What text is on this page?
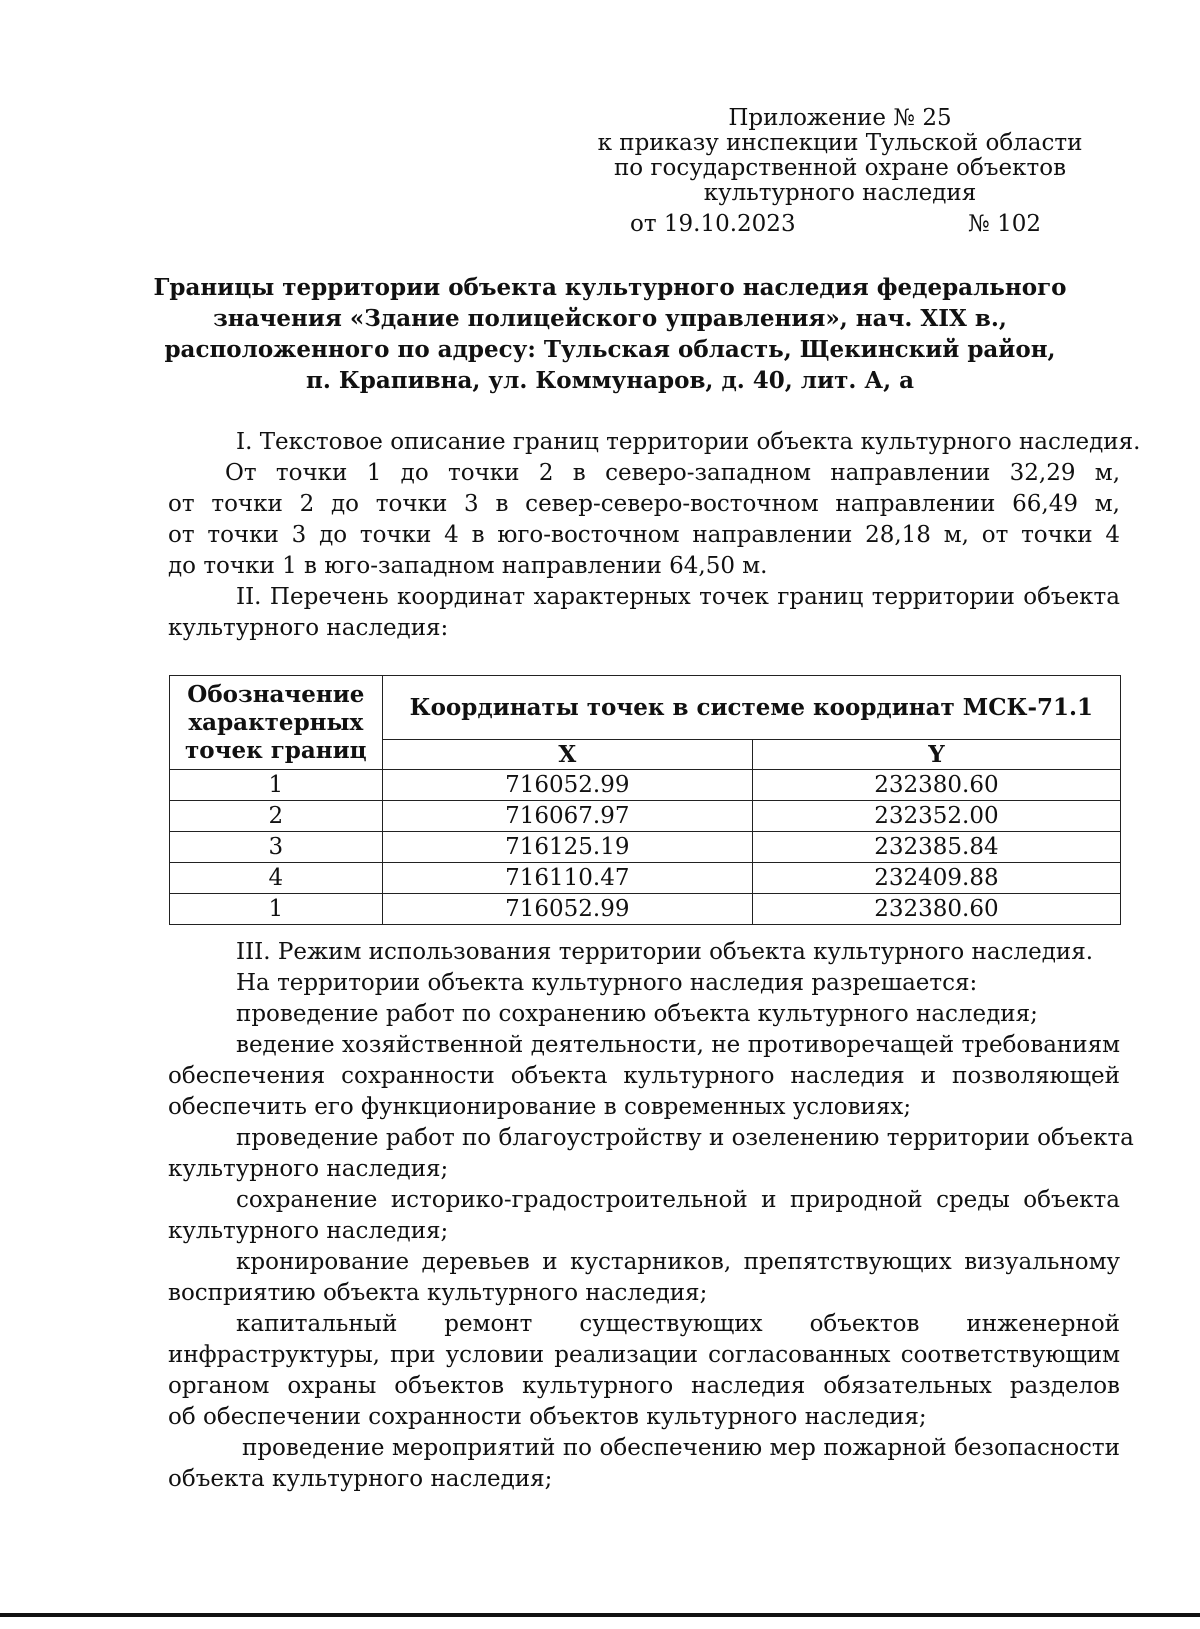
Приложение № 25
к приказу инспекции Тульской области
по государственной охране объектов
культурного наследия
от 19.10.2023	№ 102
Границы территории объекта культурного наследия федерального
значения «Здание полицейского управления», нач. XIX в.,
расположенного по адресу: Тульская область, Щекинский район,
п. Крапивна, ул. Коммунаров, д. 40, лит. А, а
I. Текстовое описание границ территории объекта культурного наследия.
От точки 1 до точки 2 в северо-западном направлении 32,29 м,
от точки 2 до точки 3 в север-северо-восточном направлении 66,49 м,
от точки 3 до точки 4 в юго-восточном направлении 28,18 м, от точки 4
до точки 1 в юго-западном направлении 64,50 м.
II. Перечень координат характерных точек границ территории объекта
культурного наследия:
Обозначение характерных точек границ	Координаты точек в системе координат МСК-71.1	
	X	Y
1	716052.99	232380.60
2	716067.97	232352.00
3	716125.19	232385.84
4	716110.47	232409.88
1	716052.99	232380.60
III. Режим использования территории объекта культурного наследия.
На территории объекта культурного наследия разрешается:
проведение работ по сохранению объекта культурного наследия;
ведение хозяйственной деятельности, не противоречащей требованиям
обеспечения сохранности объекта культурного наследия и позволяющей
обеспечить его функционирование в современных условиях;
проведение работ по благоустройству и озеленению территории объекта
культурного наследия;
сохранение историко-градостроительной и природной среды объекта
культурного наследия;
кронирование деревьев и кустарников, препятствующих визуальному
восприятию объекта культурного наследия;
капитальный ремонт существующих объектов инженерной
инфраструктуры, при условии реализации согласованных соответствующим
органом охраны объектов культурного наследия обязательных разделов
об обеспечении сохранности объектов культурного наследия;
проведение мероприятий по обеспечению мер пожарной безопасности
объекта культурного наследия;
